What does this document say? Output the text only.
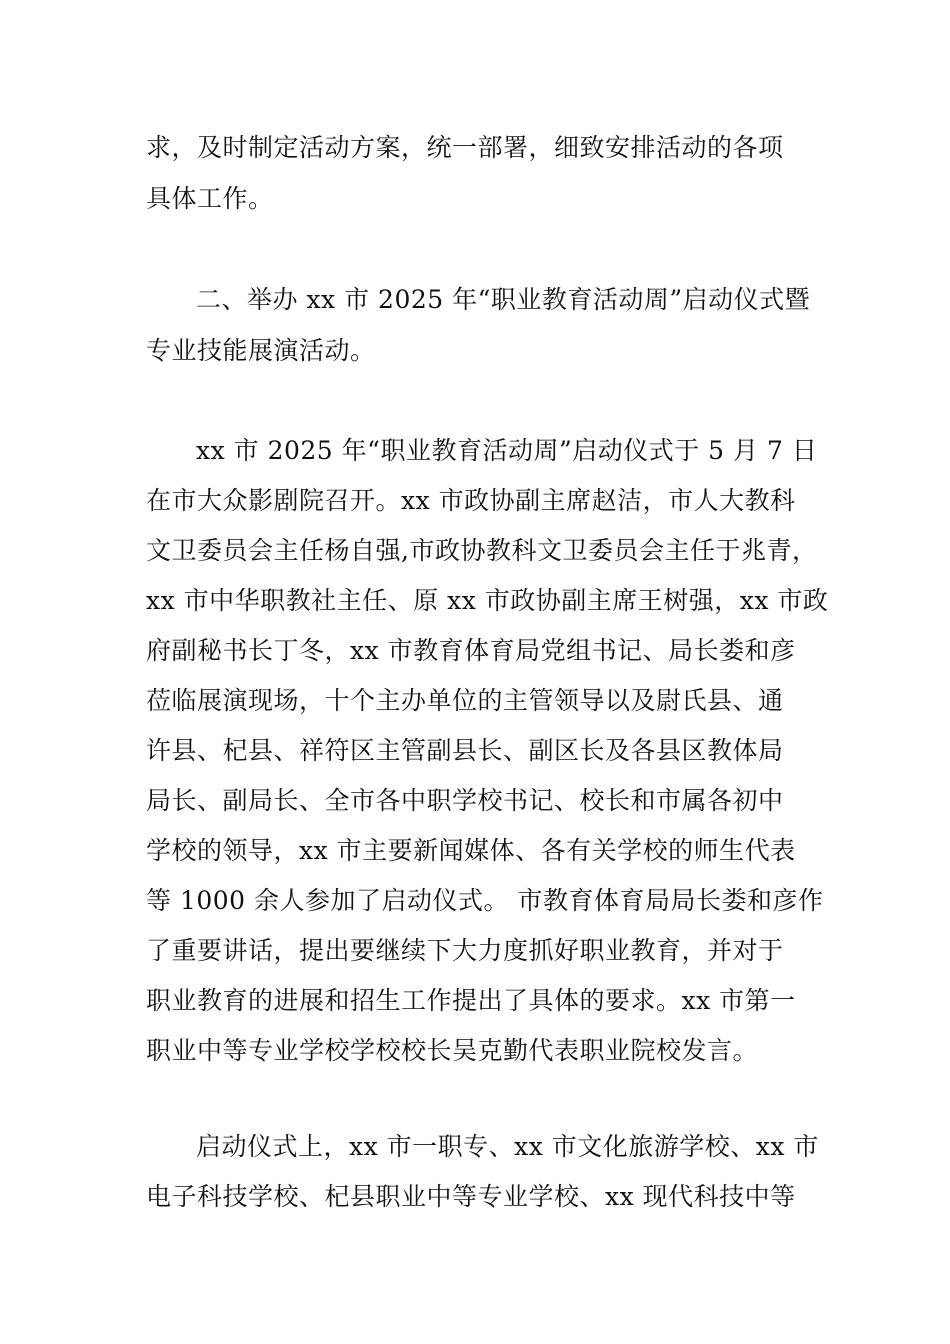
求，及时制定活动方案，统一部署，细致安排活动的各项
具体工作。
二、举办 xx 市 2025 年“职业教育活动周”启动仪式暨
专业技能展演活动。
xx 市 2025 年“职业教育活动周”启动仪式于 5 月 7 日
在市大众影剧院召开。xx 市政协副主席赵洁，市人大教科
文卫委员会主任杨自强,市政协教科文卫委员会主任于兆青，
xx 市中华职教社主任、原 xx 市政协副主席王树强，xx 市政
府副秘书长丁冬，xx 市教育体育局党组书记、局长娄和彦
莅临展演现场，十个主办单位的主管领导以及尉氏县、通
许县、杞县、祥符区主管副县长、副区长及各县区教体局
局长、副局长、全市各中职学校书记、校长和市属各初中
学校的领导，xx 市主要新闻媒体、各有关学校的师生代表
等 1000 余人参加了启动仪式。 市教育体育局局长娄和彦作
了重要讲话，提出要继续下大力度抓好职业教育，并对于
职业教育的进展和招生工作提出了具体的要求。xx 市第一
职业中等专业学校学校校长吴克勤代表职业院校发言。
启动仪式上，xx 市一职专、xx 市文化旅游学校、xx 市
电子科技学校、杞县职业中等专业学校、xx 现代科技中等
